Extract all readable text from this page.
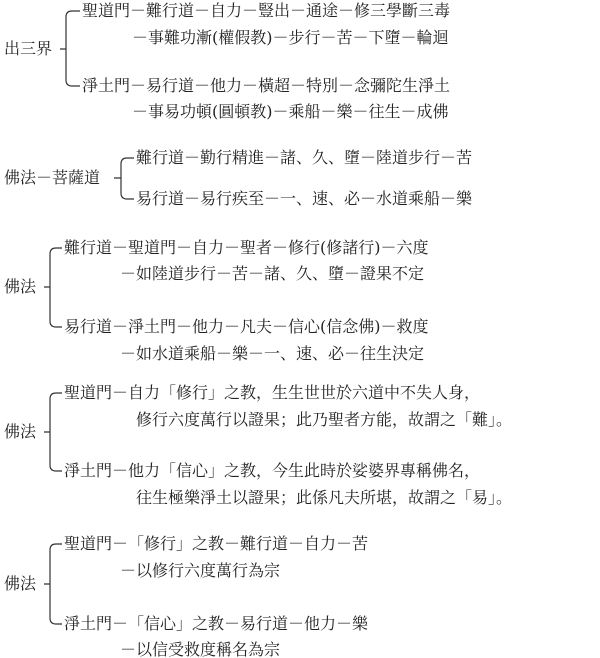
出三界
聖道門－難行道－自力－豎出－通途－修三學斷三毒
－事難功漸(權假教)－步行－苦－下墮－輪迴
淨土門－易行道－他力－橫超－特別－念彌陀生淨土
－事易功頓(圓頓教)－乘船－樂－往生－成佛
佛法－菩薩道
難行道－勤行精進－諸、久、墮－陸道步行－苦
易行道－易行疾至－一、速、必－水道乘船－樂
佛法
難行道－聖道門－自力－聖者－修行(修諸行)－六度
－如陸道步行－苦－諸、久、墮－證果不定
易行道－淨土門－他力－凡夫－信心(信念佛)－救度
－如水道乘船－樂－一、速、必－往生決定
佛法
聖道門－自力「修行」之教，生生世世於六道中不失人身，
修行六度萬行以證果；此乃聖者方能，故謂之「難」。
淨土門－他力「信心」之教，今生此時於娑婆界專稱佛名，
往生極樂淨土以證果；此係凡夫所堪，故謂之「易」。
佛法
聖道門－「修行」之教－難行道－自力－苦
－以修行六度萬行為宗
淨土門－「信心」之教－易行道－他力－樂
－以信受救度稱名為宗
